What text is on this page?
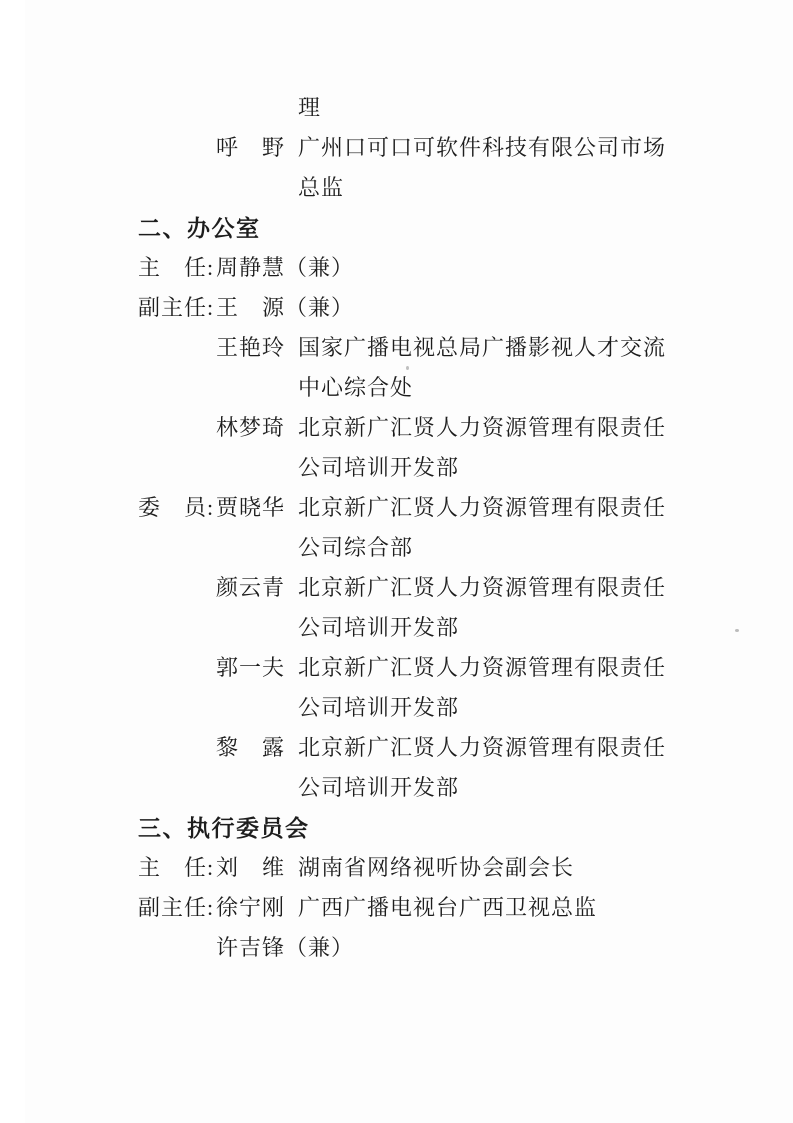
理
呼　野 广州口可口可软件科技有限公司市场
总监
二、办公室
主　任: 周静慧（兼）
副主任: 王　源（兼）
王艳玲 国家广播电视总局广播影视人才交流
中心综合处
林梦琦 北京新广汇贤人力资源管理有限责任
公司培训开发部
委　员: 贾晓华 北京新广汇贤人力资源管理有限责任
公司综合部
颜云青 北京新广汇贤人力资源管理有限责任
公司培训开发部
郭一夫 北京新广汇贤人力资源管理有限责任
公司培训开发部
黎　露 北京新广汇贤人力资源管理有限责任
公司培训开发部
三、执行委员会
主　任: 刘　维 湖南省网络视听协会副会长
副主任: 徐宁刚 广西广播电视台广西卫视总监
许吉锋（兼）
